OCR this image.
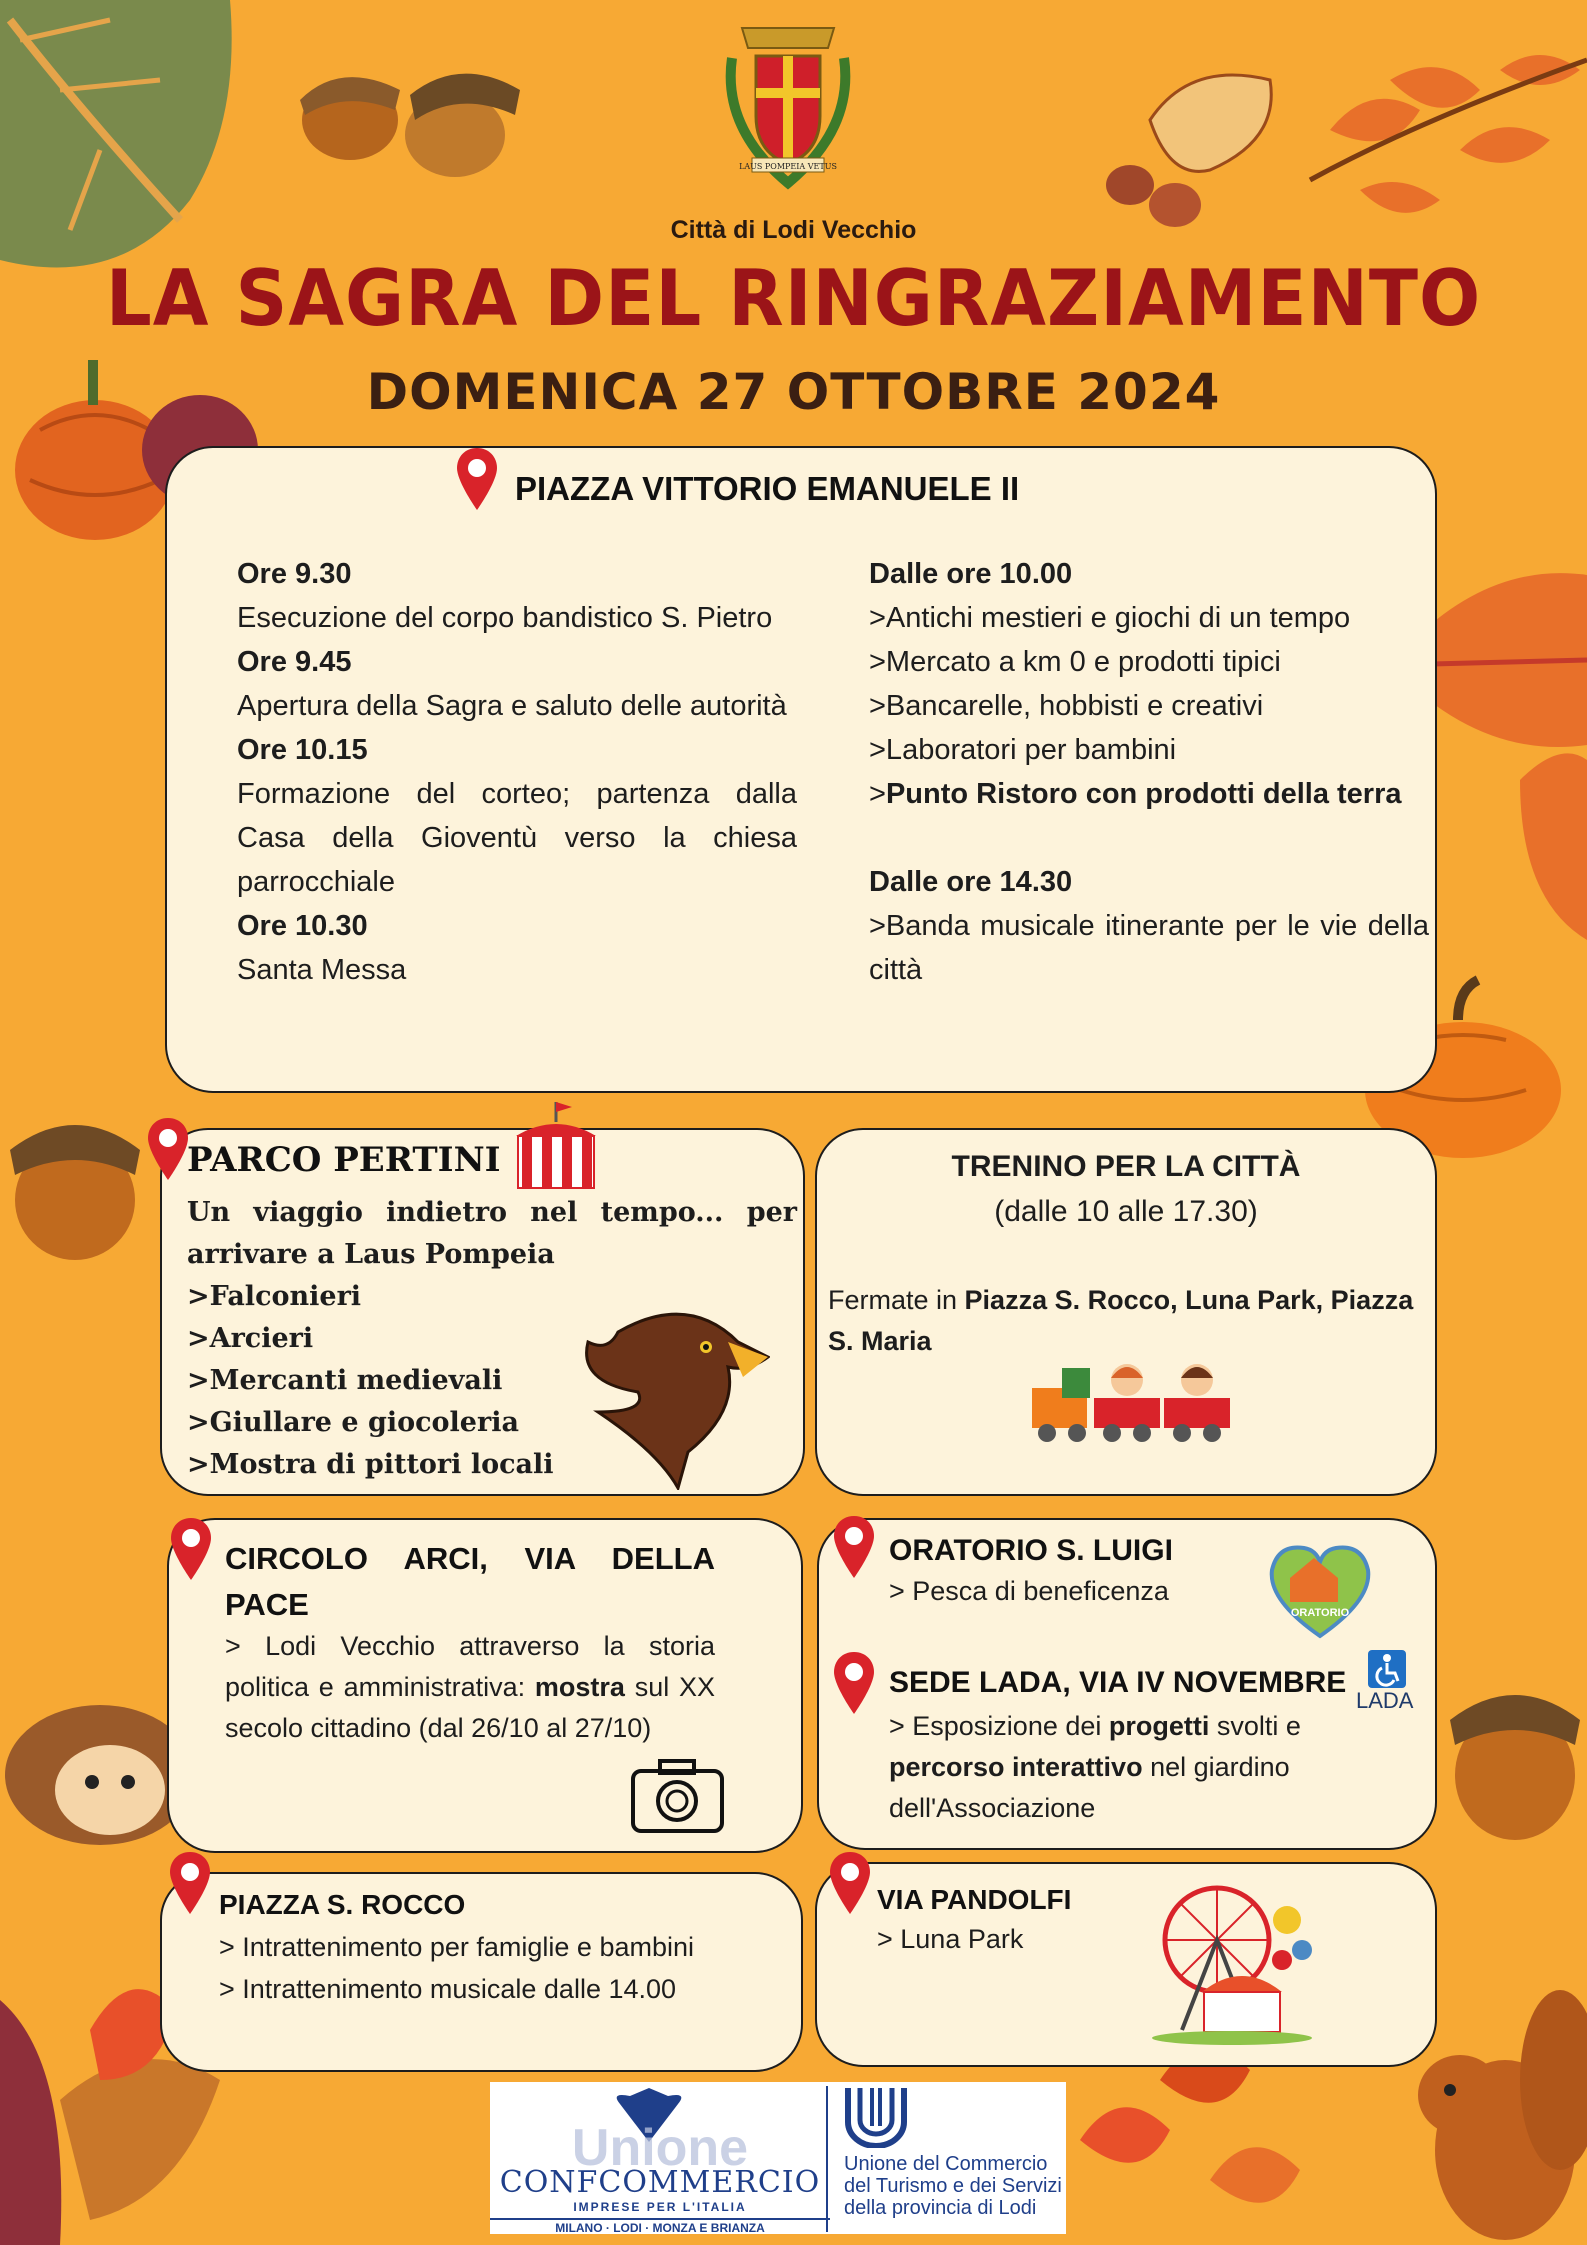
LAUS POMPEIA VETUS
Città di Lodi Vecchio
LA SAGRA DEL RINGRAZIAMENTO
DOMENICA 27 OTTOBRE 2024
PIAZZA VITTORIO EMANUELE II
Ore 9.30
Esecuzione del corpo bandistico S. Pietro
Ore 9.45
Apertura della Sagra e saluto delle autorità
Ore 10.15
Formazione del corteo; partenza dalla Casa della Gioventù verso la chiesa parrocchiale
Ore 10.30
Santa Messa
Dalle ore 10.00
>Antichi mestieri e giochi di un tempo
>Mercato a km 0 e prodotti tipici
>Bancarelle, hobbisti e creativi
>Laboratori per bambini
>Punto Ristoro con prodotti della terra
Dalle ore 14.30
>Banda musicale itinerante per le vie della città
PARCO PERTINI
Un viaggio indietro nel tempo... per arrivare a Laus Pompeia
>Falconieri
>Arcieri
>Mercanti medievali
>Giullare e giocoleria
>Mostra di pittori locali
TRENINO PER LA CITTÀ
(dalle 10 alle 17.30)
Fermate in Piazza S. Rocco, Luna Park, Piazza S. Maria
CIRCOLO ARCI, VIA DELLA PACE
> Lodi Vecchio attraverso la storia politica e amministrativa: mostra sul XX secolo cittadino (dal 26/10 al 27/10)
ORATORIO S. LUIGI
> Pesca di beneficenza
ORATORIO
SEDE LADA, VIA IV NOVEMBRE
LADA
> Esposizione dei progetti svolti e percorso interattivo nel giardino dell'Associazione
PIAZZA S. ROCCO
> Intrattenimento per famiglie e bambini
> Intrattenimento musicale dalle 14.00
VIA PANDOLFI
> Luna Park
Unione
CONFCOMMERCIO
IMPRESE PER L'ITALIA
MILANO · LODI · MONZA E BRIANZA
Unione del Commercio
del Turismo e dei Servizi
della provincia di Lodi
